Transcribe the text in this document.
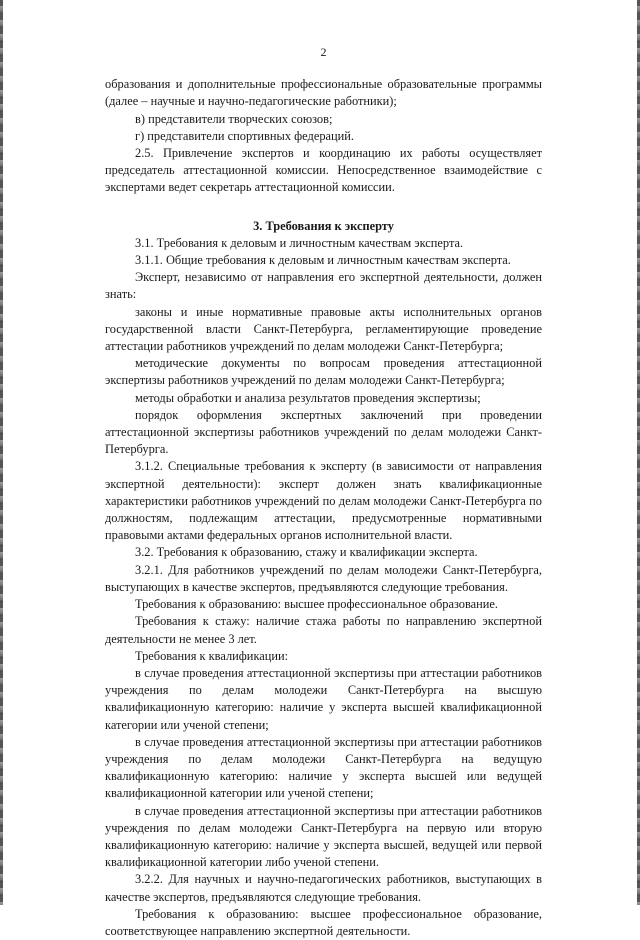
2

образования и дополнительные профессиональные образовательные программы

(далее – научные и научно-педагогические работники);

в) представители творческих союзов;

г) представители спортивных федераций.

2.5. Привлечение экспертов и координацию их работы осуществляет председатель аттестационной комиссии. Непосредственное взаимодействие с экспертами ведет секретарь аттестационной комиссии.

3. Требования к эксперту

3.1. Требования к деловым и личностным качествам эксперта.

3.1.1. Общие требования к деловым и личностным качествам эксперта.

Эксперт, независимо от направления его экспертной деятельности, должен знать:

законы и иные нормативные правовые акты исполнительных органов государственной власти Санкт-Петербурга, регламентирующие проведение аттестации работников учреждений по делам молодежи Санкт-Петербурга;

методические документы по вопросам проведения аттестационной экспертизы работников учреждений по делам молодежи Санкт-Петербурга;

методы обработки и анализа результатов проведения экспертизы;

порядок оформления экспертных заключений при проведении аттестационной экспертизы работников учреждений по делам молодежи Санкт-Петербурга.

3.1.2. Специальные требования к эксперту (в зависимости от направления экспертной деятельности): эксперт должен знать квалификационные характеристики работников учреждений по делам молодежи Санкт-Петербурга по должностям, подлежащим аттестации, предусмотренные нормативными правовыми актами федеральных органов исполнительной власти.

3.2. Требования к образованию, стажу и квалификации эксперта.

3.2.1. Для работников учреждений по делам молодежи Санкт-Петербурга, выступающих в качестве экспертов, предъявляются следующие требования.

Требования к образованию: высшее профессиональное образование.

Требования к стажу: наличие стажа работы по направлению экспертной деятельности не менее 3 лет.

Требования к квалификации:

в случае проведения аттестационной экспертизы при аттестации работников учреждения по делам молодежи Санкт-Петербурга на высшую квалификационную категорию: наличие у эксперта высшей квалификационной категории или ученой степени;

в случае проведения аттестационной экспертизы при аттестации работников учреждения по делам молодежи Санкт-Петербурга на ведущую квалификационную категорию: наличие у эксперта высшей или ведущей квалификационной категории или ученой степени;

в случае проведения аттестационной экспертизы при аттестации работников учреждения по делам молодежи Санкт-Петербурга на первую или вторую квалификационную категорию: наличие у эксперта высшей, ведущей или первой квалификационной категории либо ученой степени.

3.2.2. Для научных и научно-педагогических работников, выступающих в качестве экспертов, предъявляются следующие требования.

Требования к образованию: высшее профессиональное образование, соответствующее направлению экспертной деятельности.
